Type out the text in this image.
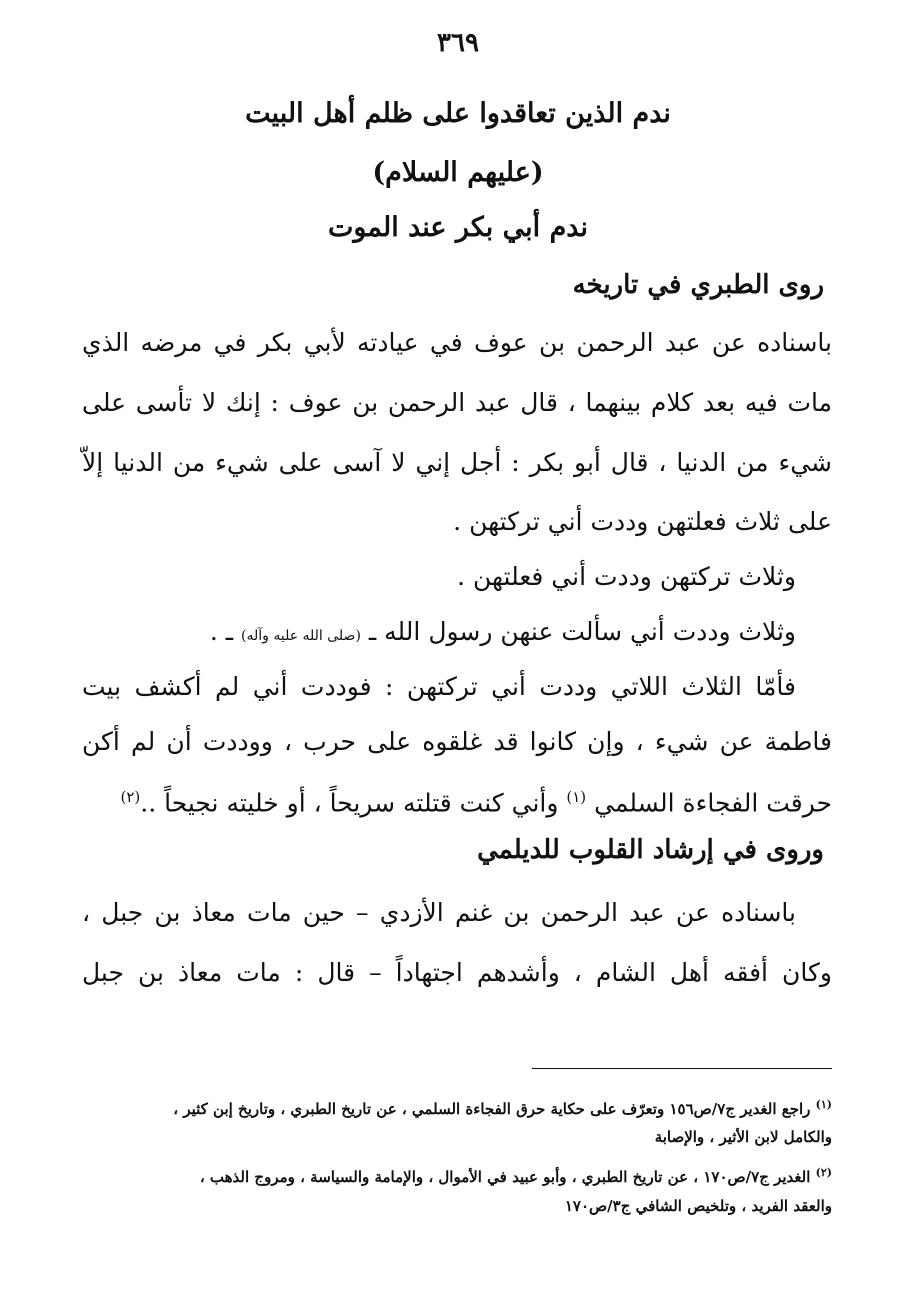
٣٦٩
ندم الذين تعاقدوا على ظلم أهل البيت
(عليهم السلام)
ندم أبي بكر عند الموت
روى الطبري في تاريخه
باسناده عن عبد الرحمن بن عوف في عيادته لأبي بكر في مرضه الذي
مات فيه بعد كلام بينهما ، قال عبد الرحمن بن عوف : إنك لا تأسى على
شيء من الدنيا ، قال أبو بكر : أجل إني لا آسى على شيء من الدنيا إلاّ
على ثلاث فعلتهن وددت أني تركتهن .
وثلاث تركتهن وددت أني فعلتهن .
وثلاث وددت أني سألت عنهن رسول الله ـ (صلى الله عليه وآله) ـ .
فأمّا الثلاث اللاتي وددت أني تركتهن : فوددت أني لم أكشف بيت
فاطمة عن شيء ، وإن كانوا قد غلقوه على حرب ، ووددت أن لم أكن
حرقت الفجاءة السلمي $^{(١)}$ وأني كنت قتلته سريحاً ، أو خليته نجيحاً ..$^{(٢)}$
وروى في إرشاد القلوب للديلمي
باسناده عن عبد الرحمن بن غنم الأزدي – حين مات معاذ بن جبل ،
وكان أفقه أهل الشام ، وأشدهم اجتهاداً – قال : مات معاذ بن جبل
$^{(١)}$ راجع الغدير ج٧/ص١٥٦ وتعرّف على حكاية حرق الفجاءة السلمي ، عن تاريخ الطبري ، وتاريخ إبن كثير ،
والكامل لابن الأثير ، والإصابة
$^{(٢)}$ الغدير ج٧/ص١٧٠ ، عن تاريخ الطبري ، وأبو عبيد في الأموال ، والإمامة والسياسة ، ومروج الذهب ،
والعقد الفريد ، وتلخيص الشافي ج٣/ص١٧٠
